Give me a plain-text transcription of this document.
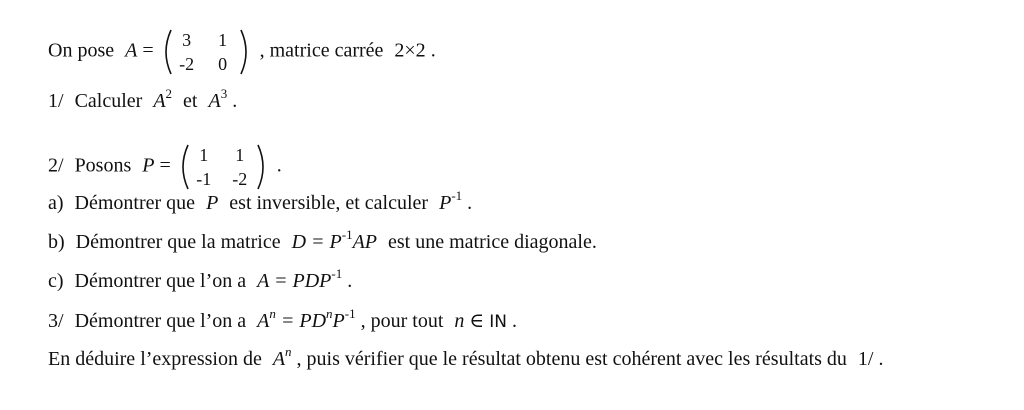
On pose A =	3	1
-2	0
, matrice carrée 2×2 .
1/ Calculer $A^2$ et $A^3$ .
2/ Posons P =	1	1
-1	-2
.
a) Démontrer que P est inversible, et calculer $P^{-1}$ .
b) Démontrer que la matrice $D = P^{-1}AP$ est une matrice diagonale.
c) Démontrer que l’on a $A = PDP^{-1}$ .
3/ Démontrer que l’on a $A^n = PD^nP^{-1}$ , pour tout n ∈ IN .
En déduire l’expression de $A^n$ , puis vérifier que le résultat obtenu est cohérent avec les résultats du 1/ .
